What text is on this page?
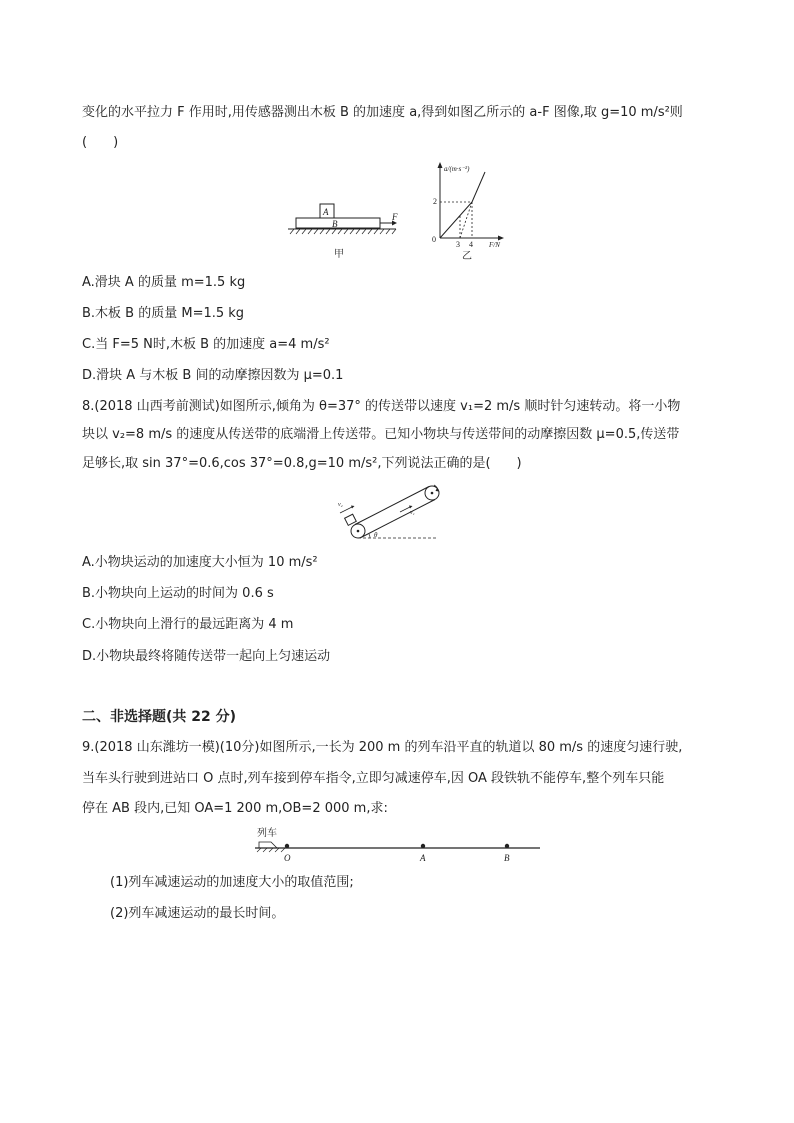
变化的水平拉力 F 作用时,用传感器测出木板 B 的加速度 a,得到如图乙所示的 a-F 图像,取 g=10 m/s²则
(　　)
A
B
F
甲
a/(m·s⁻²)
F/N
0
2
3 4
乙
A.滑块 A 的质量 m=1.5 kg
B.木板 B 的质量 M=1.5 kg
C.当 F=5 N时,木板 B 的加速度 a=4 m/s²
D.滑块 A 与木板 B 间的动摩擦因数为 μ=0.1
8.(2018 山西考前测试)如图所示,倾角为 θ=37° 的传送带以速度 v₁=2 m/s 顺时针匀速转动。将一小物
块以 v₂=8 m/s 的速度从传送带的底端滑上传送带。已知小物块与传送带间的动摩擦因数 μ=0.5,传送带
足够长,取 sin 37°=0.6,cos 37°=0.8,g=10 m/s²,下列说法正确的是(　　)
v₂
v₁
θ
A.小物块运动的加速度大小恒为 10 m/s²
B.小物块向上运动的时间为 0.6 s
C.小物块向上滑行的最远距离为 4 m
D.小物块最终将随传送带一起向上匀速运动
二、非选择题(共 22 分)
9.(2018 山东潍坊一模)(10分)如图所示,一长为 200 m 的列车沿平直的轨道以 80 m/s 的速度匀速行驶,
当车头行驶到进站口 O 点时,列车接到停车指令,立即匀减速停车,因 OA 段铁轨不能停车,整个列车只能
停在 AB 段内,已知 OA=1 200 m,OB=2 000 m,求:
列车
O	A	B
(1)列车减速运动的加速度大小的取值范围;
(2)列车减速运动的最长时间。
